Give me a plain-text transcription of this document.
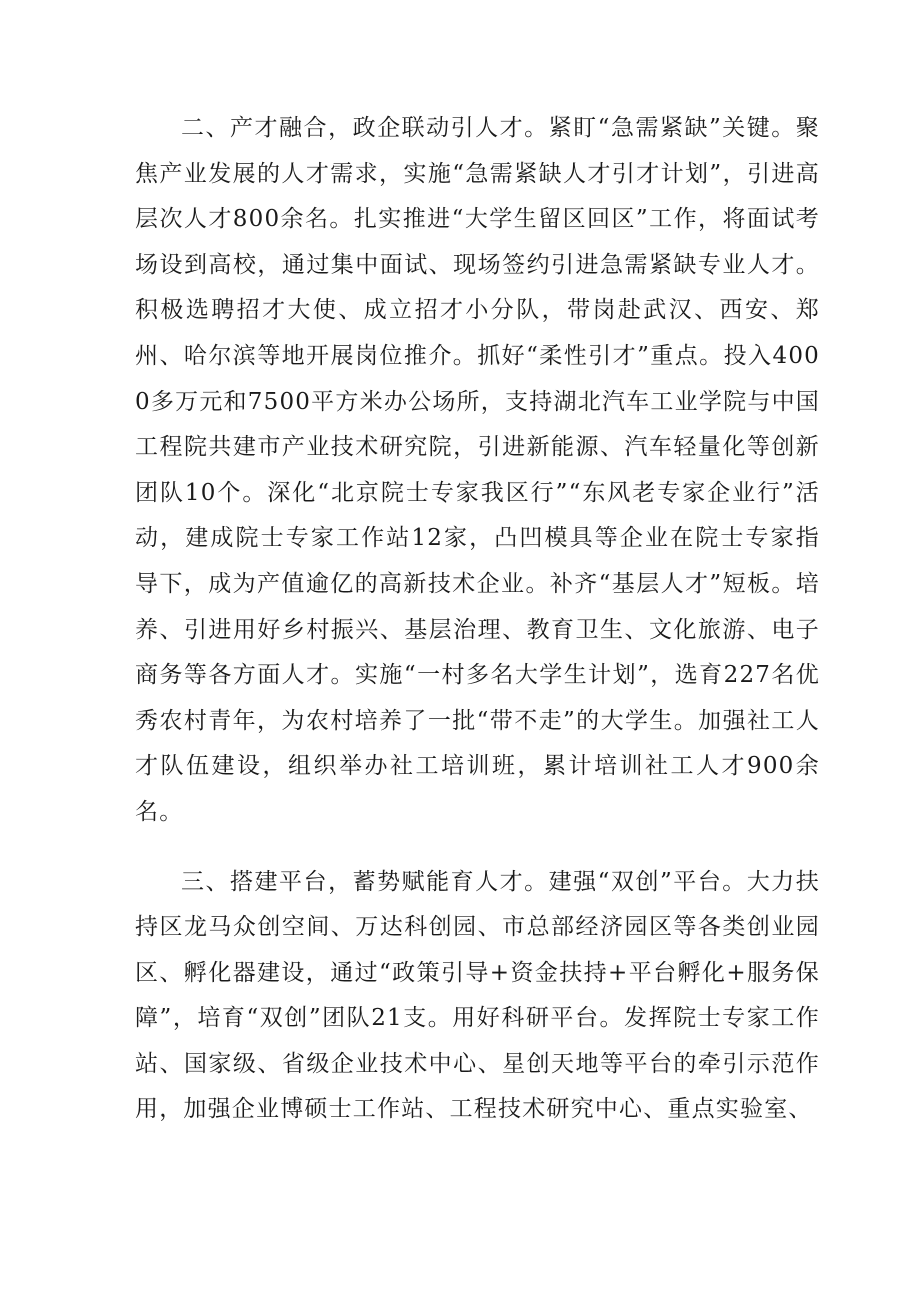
二、产才融合，政企联动引人才。紧盯“急需紧缺”关键。聚焦产业发展的人才需求，实施“急需紧缺人才引才计划”，引进高层次人才800余名。扎实推进“大学生留区回区”工作，将面试考场设到高校，通过集中面试、现场签约引进急需紧缺专业人才。积极选聘招才大使、成立招才小分队，带岗赴武汉、西安、郑州、哈尔滨等地开展岗位推介。抓好“柔性引才”重点。投入4000多万元和7500平方米办公场所，支持湖北汽车工业学院与中国工程院共建市产业技术研究院，引进新能源、汽车轻量化等创新团队10个。深化“北京院士专家我区行”“东风老专家企业行”活动，建成院士专家工作站12家，凸凹模具等企业在院士专家指导下，成为产值逾亿的高新技术企业。补齐“基层人才”短板。培养、引进用好乡村振兴、基层治理、教育卫生、文化旅游、电子商务等各方面人才。实施“一村多名大学生计划”，选育227名优秀农村青年，为农村培养了一批“带不走”的大学生。加强社工人才队伍建设，组织举办社工培训班，累计培训社工人才900余名。

三、搭建平台，蓄势赋能育人才。建强“双创”平台。大力扶持区龙马众创空间、万达科创园、市总部经济园区等各类创业园区、孵化器建设，通过“政策引导+资金扶持+平台孵化+服务保障”，培育“双创”团队21支。用好科研平台。发挥院士专家工作站、国家级、省级企业技术中心、星创天地等平台的牵引示范作用，加强企业博硕士工作站、工程技术研究中心、重点实验室、
